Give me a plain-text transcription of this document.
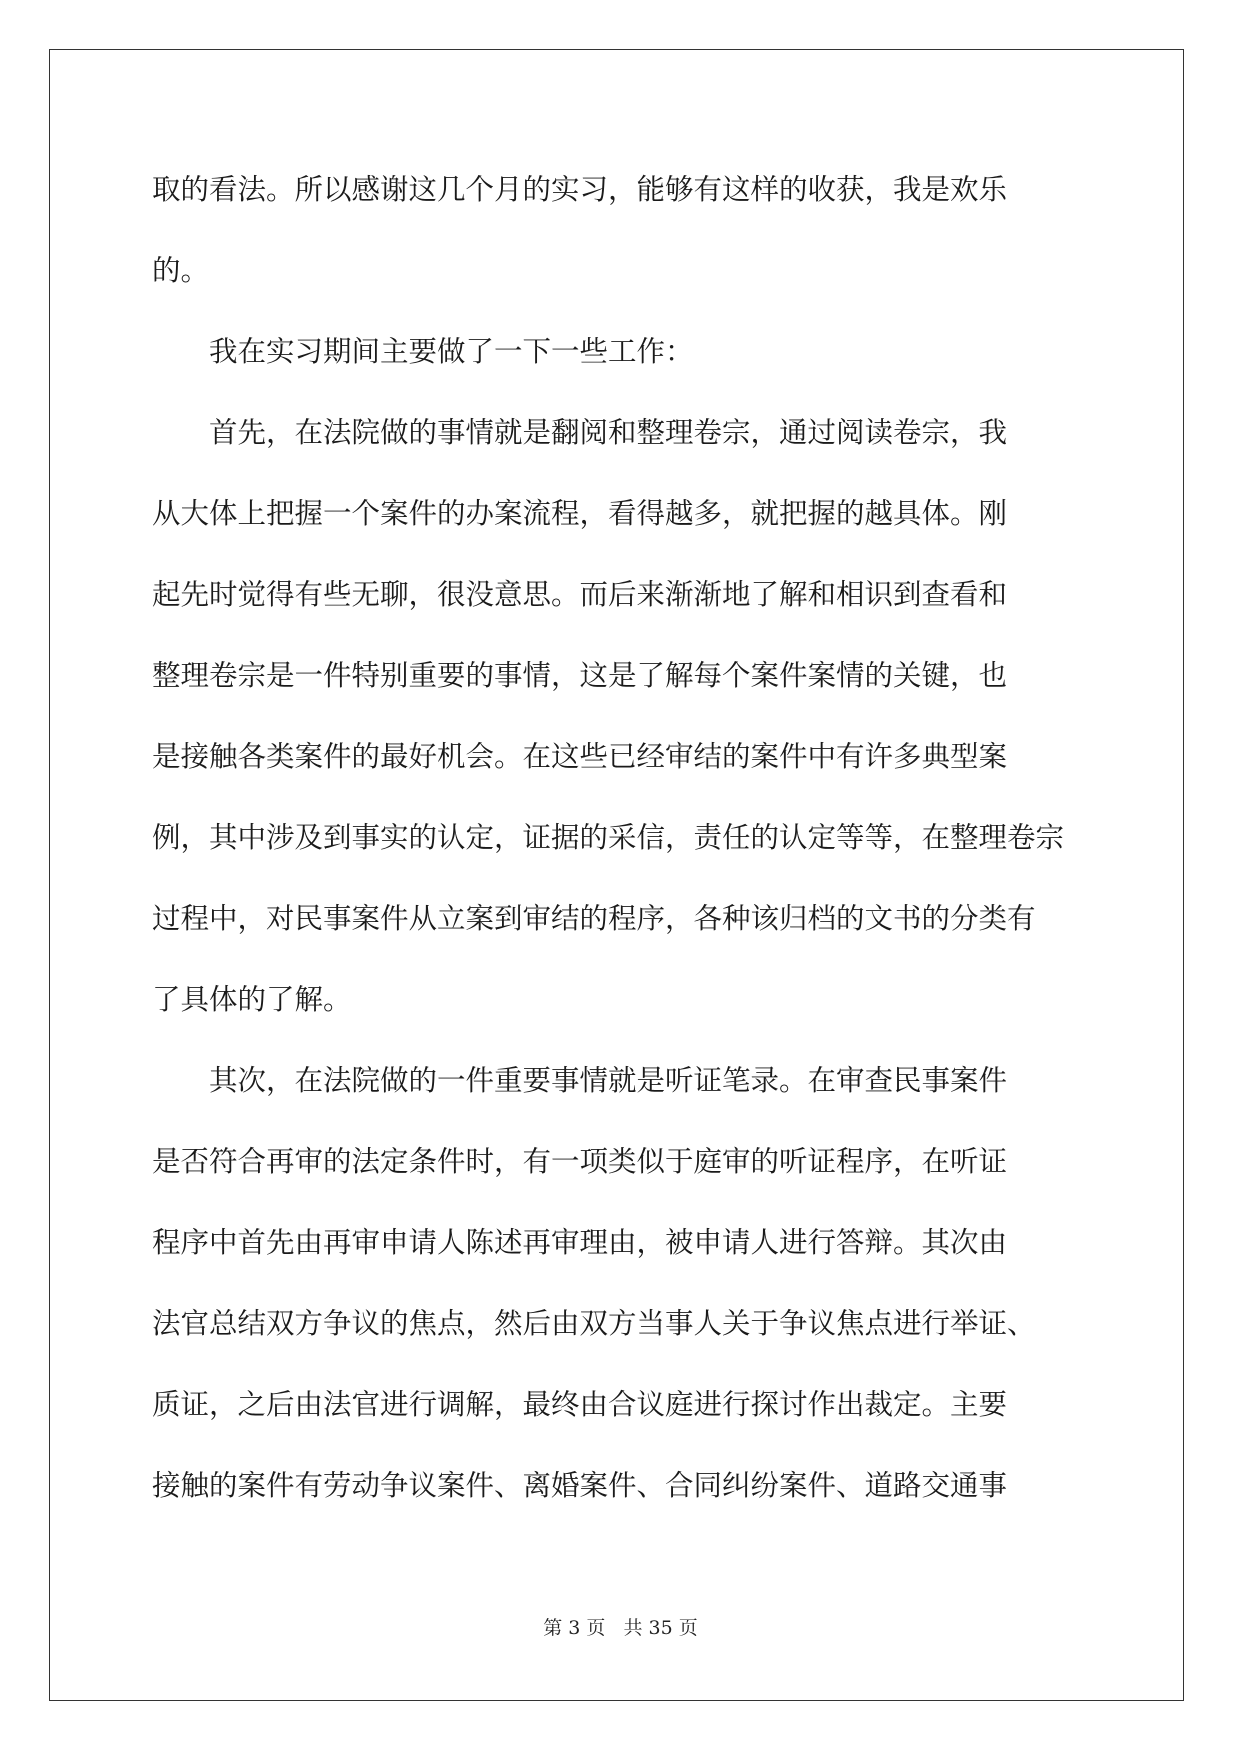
取的看法。所以感谢这几个月的实习，能够有这样的收获，我是欢乐
的。
　　我在实习期间主要做了一下一些工作：
　　首先，在法院做的事情就是翻阅和整理卷宗，通过阅读卷宗，我
从大体上把握一个案件的办案流程，看得越多，就把握的越具体。刚
起先时觉得有些无聊，很没意思。而后来渐渐地了解和相识到查看和
整理卷宗是一件特别重要的事情，这是了解每个案件案情的关键，也
是接触各类案件的最好机会。在这些已经审结的案件中有许多典型案
例，其中涉及到事实的认定，证据的采信，责任的认定等等，在整理卷宗
过程中，对民事案件从立案到审结的程序，各种该归档的文书的分类有
了具体的了解。
　　其次，在法院做的一件重要事情就是听证笔录。在审查民事案件
是否符合再审的法定条件时，有一项类似于庭审的听证程序，在听证
程序中首先由再审申请人陈述再审理由，被申请人进行答辩。其次由
法官总结双方争议的焦点，然后由双方当事人关于争议焦点进行举证、
质证，之后由法官进行调解，最终由合议庭进行探讨作出裁定。主要
接触的案件有劳动争议案件、离婚案件、合同纠纷案件、道路交通事
第 3 页 共 35 页
